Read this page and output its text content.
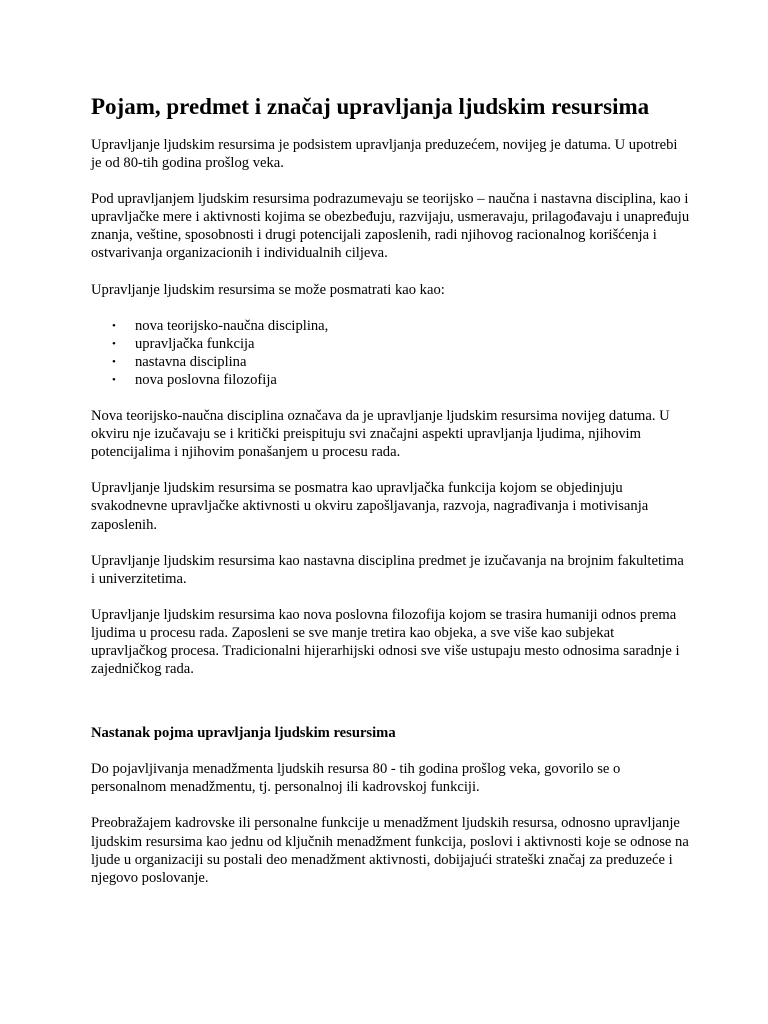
Pojam, predmet i značaj upravljanja ljudskim resursima

Upravljanje ljudskim resursima je podsistem upravljanja preduzećem, novijeg je datuma. U upotrebi je od 80-tih godina prošlog veka.

Pod upravljanjem ljudskim resursima podrazumevaju se teorijsko – naučna i nastavna disciplina, kao i upravljačke mere i aktivnosti kojima se obezbeđuju, razvijaju, usmeravaju, prilagođavaju i unapređuju znanja, veštine, sposobnosti i drugi potencijali zaposlenih, radi njihovog racionalnog korišćenja i ostvarivanja organizacionih i individualnih ciljeva.

Upravljanje ljudskim resursima se može posmatrati kao kao:

• nova teorijsko-naučna disciplina,
• upravljačka funkcija
• nastavna disciplina
• nova poslovna filozofija

Nova teorijsko-naučna disciplina označava da je upravljanje ljudskim resursima novijeg datuma. U okviru nje izučavaju se i kritički preispituju svi značajni aspekti upravljanja ljudima, njihovim potencijalima i njihovim ponašanjem u procesu rada.

Upravljanje ljudskim resursima se posmatra kao upravljačka funkcija kojom se objedinjuju svakodnevne upravljačke aktivnosti u okviru zapošljavanja, razvoja, nagrađivanja i motivisanja zaposlenih.

Upravljanje ljudskim resursima kao nastavna disciplina predmet je izučavanja na brojnim fakultetima i univerzitetima.

Upravljanje ljudskim resursima kao nova poslovna filozofija kojom se trasira humaniji odnos prema ljudima u procesu rada. Zaposleni se sve manje tretira kao objeka, a sve više kao subjekat upravljačkog procesa. Tradicionalni hijerarhijski odnosi sve više ustupaju mesto odnosima saradnje i zajedničkog rada.

Nastanak pojma upravljanja ljudskim resursima

Do pojavljivanja menadžmenta ljudskih resursa 80 - tih godina prošlog veka, govorilo se o personalnom menadžmentu, tj. personalnoj ili kadrovskoj funkciji.

Preobražajem kadrovske ili personalne funkcije u menadžment ljudskih resursa, odnosno upravljanje ljudskim resursima kao jednu od ključnih menadžment funkcija, poslovi i aktivnosti koje se odnose na ljude u organizaciji su postali deo menadžment aktivnosti, dobijajući strateški značaj za preduzeće i njegovo poslovanje.
